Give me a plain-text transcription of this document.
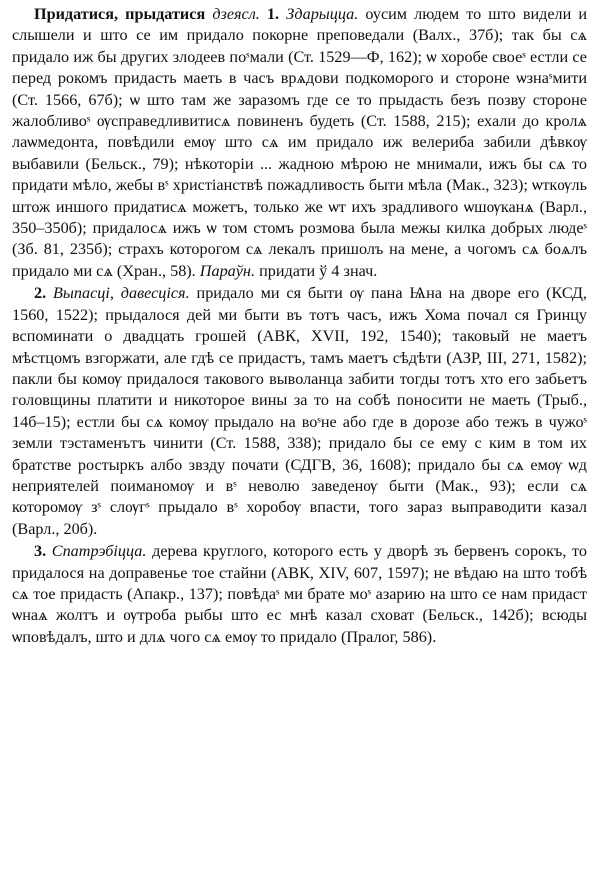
Придатися, прыдатися дзеясл. 1. Здарыцца. оусим людем то што видели и слышели и што се им придало покорне преповедали (Валх., 37б); так бы сѧ придало иж бы других злодеев поˢмали (Ст. 1529—Ф, 162); ѡ хоробе своеˢ естли се перед рокомъ придасть маеть в часъ врѧдови подкоморого и стороне ѡзнаˢмити (Ст. 1566, 67б); ѡ што там же заразомъ где се то прыдасть безъ позву стороне жалобливоˢ ѹсправедливитисѧ повиненъ будеть (Ст. 1588, 215); ехали до кролѧ лаѡмедонта, повѣдили емѹ што сѧ им придало иж велериба забили дѣвкѹ выбавили (Бельск., 79); нѣкоторіи ... жадною мѣрою не мнимали, ижъ бы сѧ то придати мѣло, жебы вˢ христіанствѣ пожадливость быти мѣла (Мак., 323); ѡткѹль штож иншого придатисѧ можетъ, только же ѡт ихъ зрадливого ѡшѹканѧ (Варл., 350–350б); придалосѧ ижъ ѡ том стомъ розмова была межы килка добрых людеˢ (Зб. 81, 235б); страхъ которогом сѧ лекалъ пришолъ на мене, а чогомъ сѧ боѧлъ придало ми сѧ (Хран., 58). Параўн. придати ў 4 знач.

2. Выпасці, давесціся. придало ми ся быти ѹ пана Ѩна на дворе его (КСД, 1560, 1522); прыдалося дей ми быти въ тотъ часъ, ижъ Хома почал ся Гринцу вспоминати о двадцать грошей (АВК, XVII, 192, 1540); таковый не маетъ мѣстцомъ взгоржати, але гдѣ се придастъ, тамъ маетъ сѣдѣти (АЗР, III, 271, 1582); пакли бы комѹ придалося такового выволанца забити тогды тотъ хто его забьетъ головщины платити и никоторое вины за то на собѣ поносити не маеть (Трыб., 14б–15); естли бы сѧ комѹ прыдало на воˢне або где в дорозе або тежъ в чужоˢ земли тэстаменътъ чинити (Ст. 1588, 338); придало бы се ему с ким в том их братстве ростыркъ албо звзду почати (СДГВ, 36, 1608); придало бы сѧ емѹ ѡд неприятелей поиманомѹ и вˢ неволю заведенѹ быти (Мак., 93); если сѧ которомѹ зˢ слѹгˢ прыдало вˢ хоробѹ впасти, того зараз выправодити казал (Варл., 20б).

3. Спатрэбіцца. дерева круглого, которого есть у дворѣ зъ бервенъ сорокъ, то придалося на доправенье тое стайни (АВК, XIV, 607, 1597); не вѣдаю на што тобѣ сѧ тое придасть (Апакр., 137); повѣдаˢ ми брате моˢ азарию на што се нам придаст ѡнаѧ жолтъ и ѹтроба рыбы што ес мнѣ казал сховат (Бельск., 142б); всюды ѡповѣдалъ, што и длѧ чого сѧ емѹ то придало (Пралог, 586).
